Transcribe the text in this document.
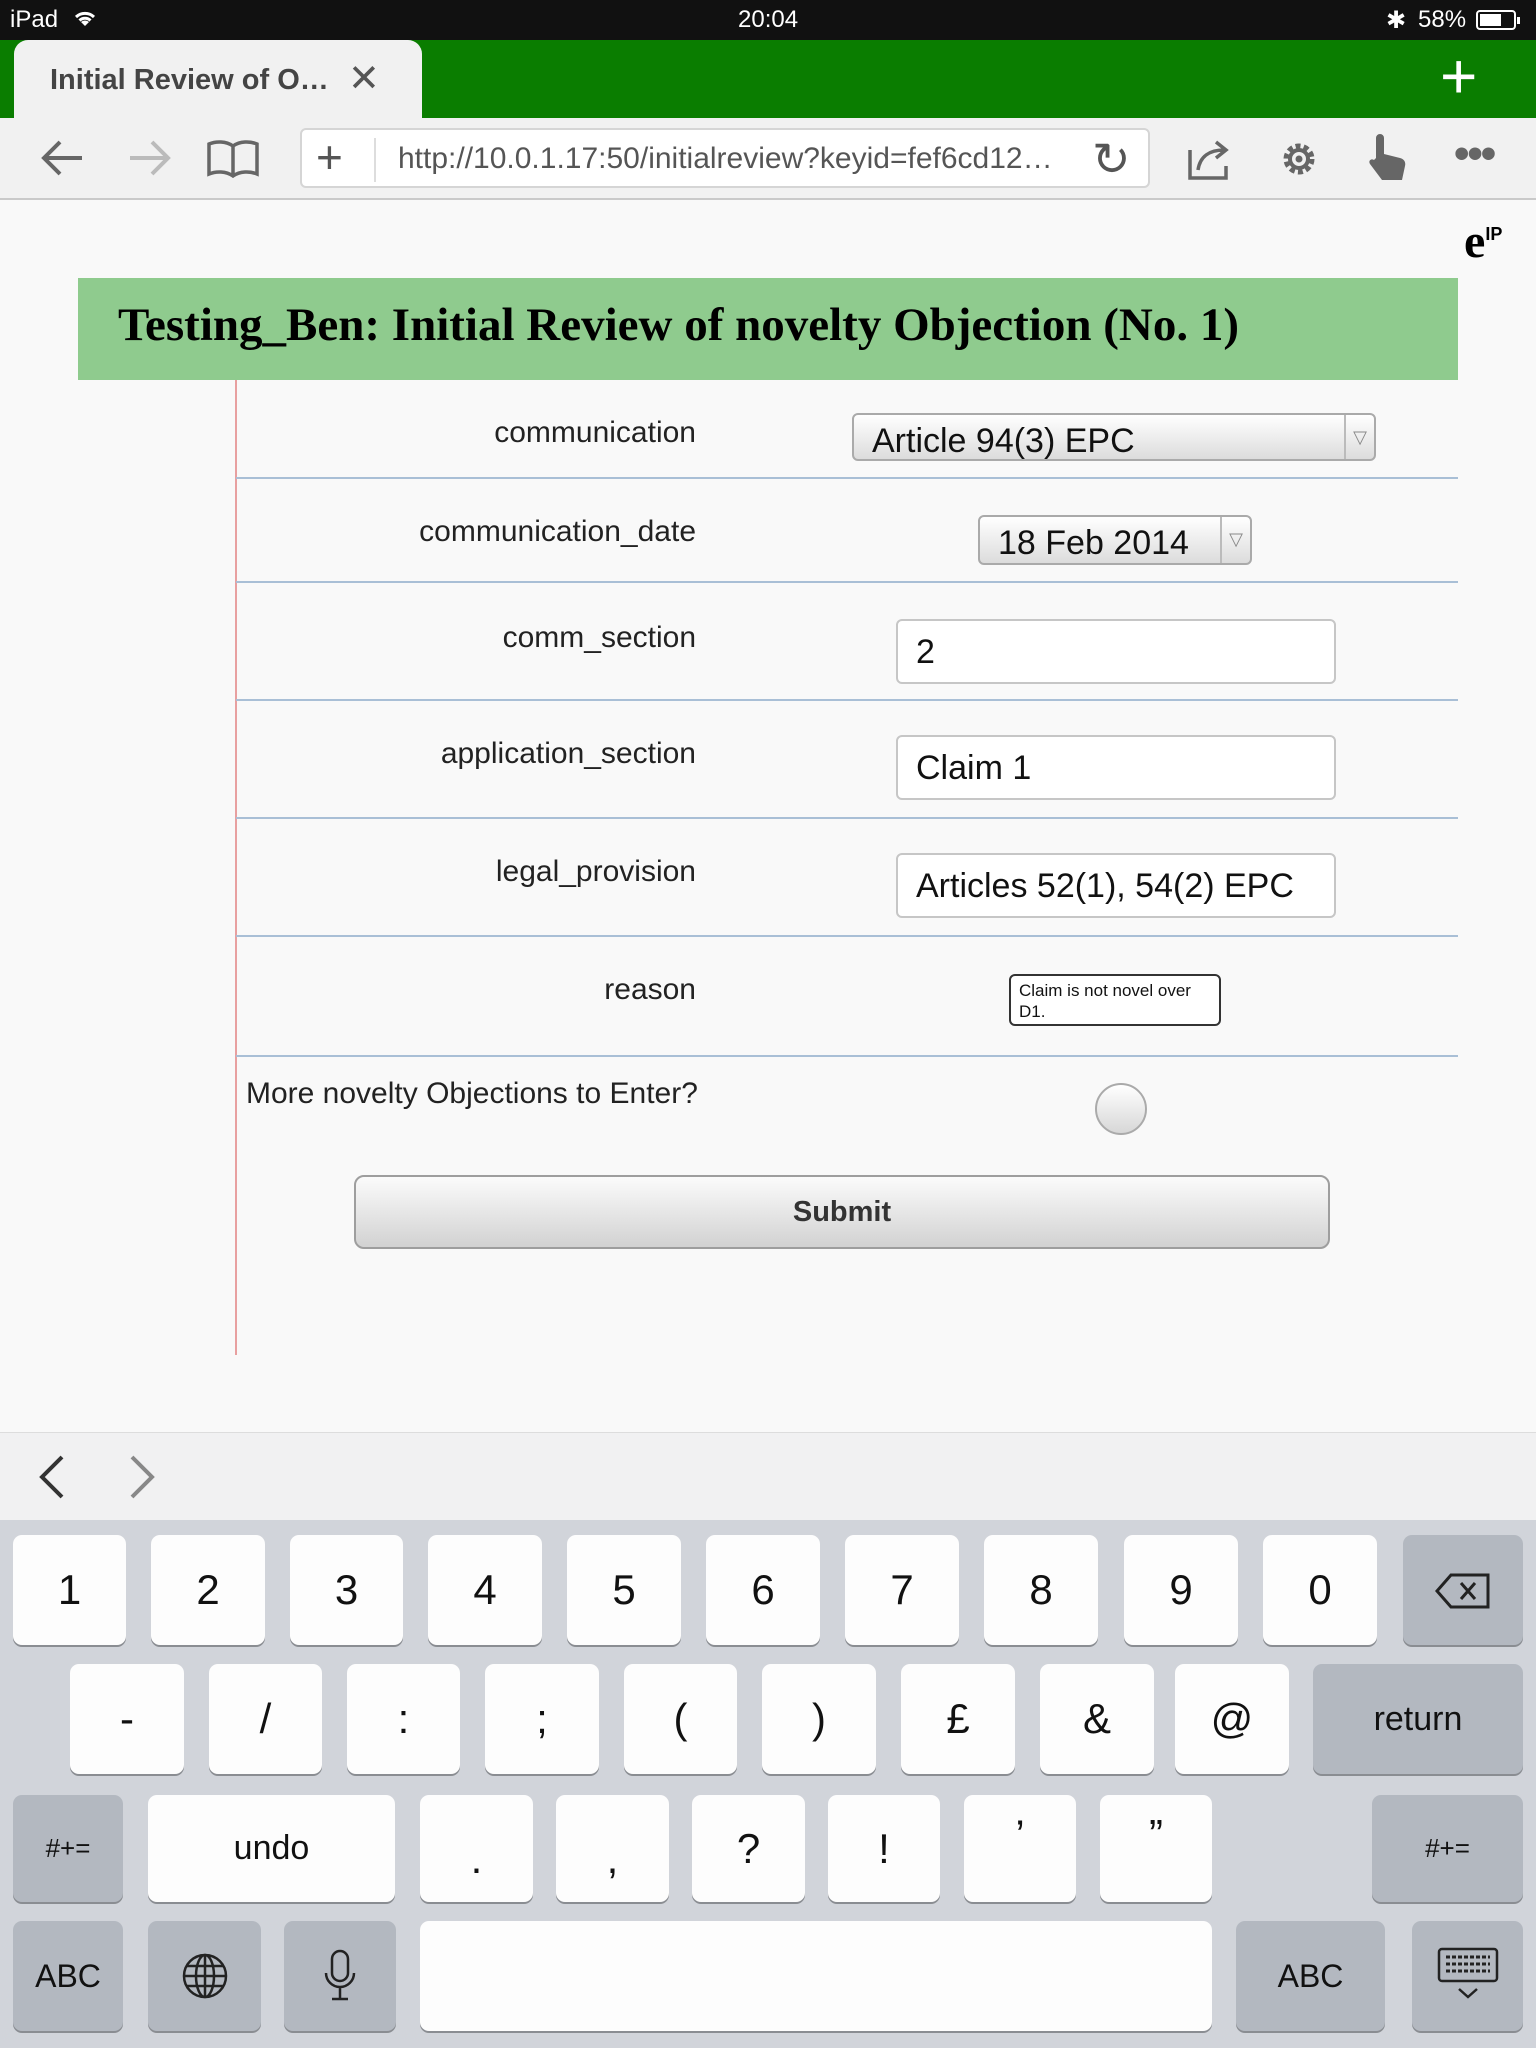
iPad	20:04	✱ 58%
Initial Review of O… ✕	+
+ http://10.0.1.17:50/initialreview?keyid=fef6cd12… ↻	•••
$e^{IP}$
Testing_Ben: Initial Review of novelty Objection (No. 1)
communication	Article 94(3) EPC	▽
communication_date	18 Feb 2014	▽
comm_section	2
application_section	Claim 1
legal_provision	Articles 52(1), 54(2) EPC
reason	Claim is not novel over D1.
More novelty Objections to Enter?
Submit
1	2	3	4	5	6	7	8	9	0
-	/	:	;	(	)	£	&	@	return
#+=	undo	.	,	?	!	’	”	#+=
ABC	ABC
